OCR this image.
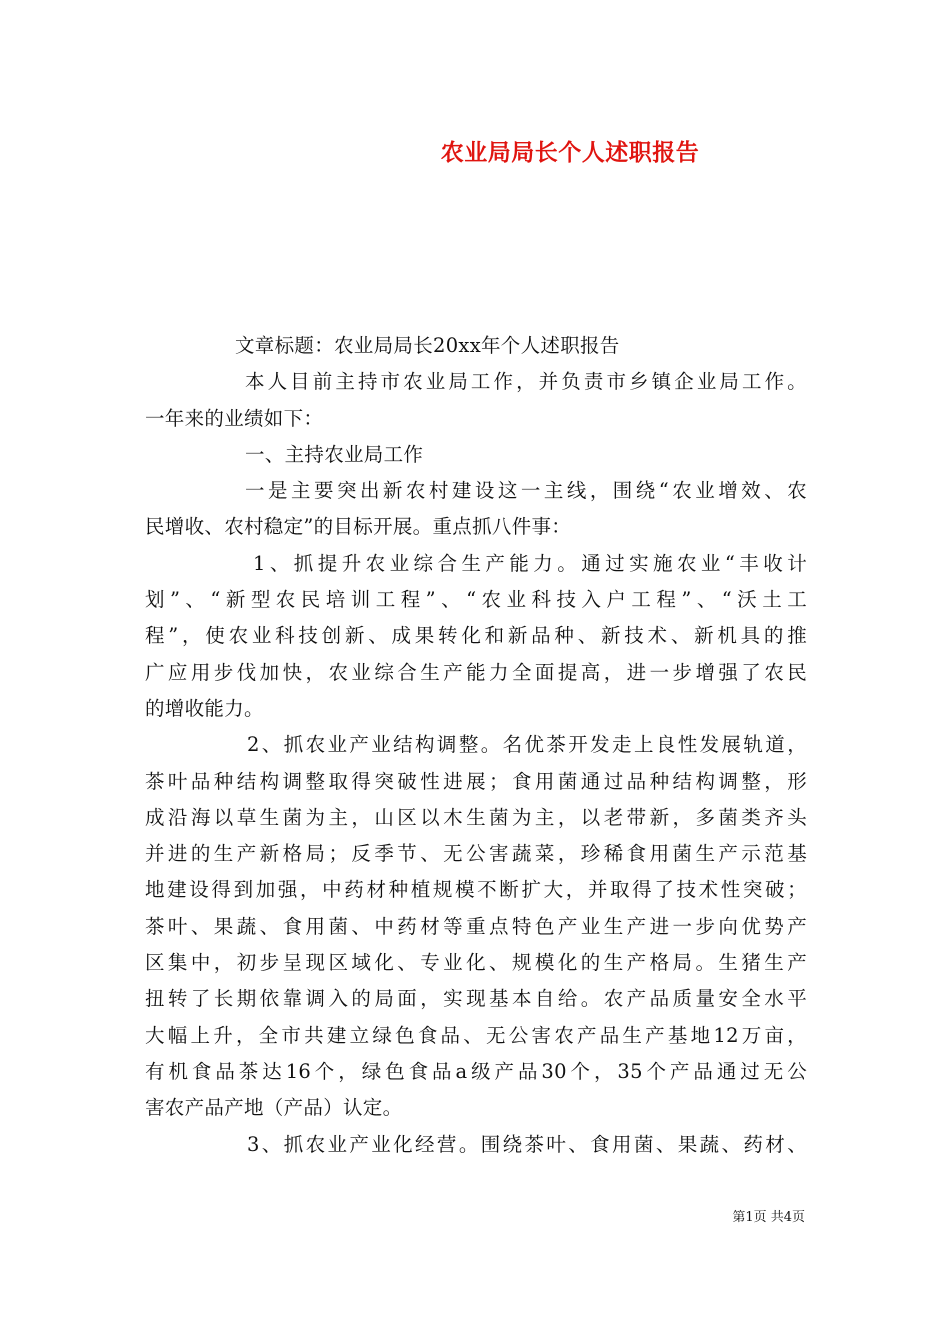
农业局局长个人述职报告
文章标题：农业局局长20xx年个人述职报告
本人目前主持市农业局工作，并负责市乡镇企业局工作。
一年来的业绩如下：
一、主持农业局工作
一是主要突出新农村建设这一主线，围绕“农业增效、农
民增收、农村稳定”的目标开展。重点抓八件事：
1、抓提升农业综合生产能力。通过实施农业“丰收计
划”、“新型农民培训工程”、“农业科技入户工程”、“沃土工
程”，使农业科技创新、成果转化和新品种、新技术、新机具的推
广应用步伐加快，农业综合生产能力全面提高，进一步增强了农民
的增收能力。
2、抓农业产业结构调整。名优茶开发走上良性发展轨道，
茶叶品种结构调整取得突破性进展；食用菌通过品种结构调整，形
成沿海以草生菌为主，山区以木生菌为主，以老带新，多菌类齐头
并进的生产新格局；反季节、无公害蔬菜，珍稀食用菌生产示范基
地建设得到加强，中药材种植规模不断扩大，并取得了技术性突破；
茶叶、果蔬、食用菌、中药材等重点特色产业生产进一步向优势产
区集中，初步呈现区域化、专业化、规模化的生产格局。生猪生产
扭转了长期依靠调入的局面，实现基本自给。农产品质量安全水平
大幅上升，全市共建立绿色食品、无公害农产品生产基地12万亩，
有机食品茶达16个，绿色食品a级产品30个，35个产品通过无公
害农产品产地（产品）认定。
3、抓农业产业化经营。围绕茶叶、食用菌、果蔬、药材、
第1页 共4页
